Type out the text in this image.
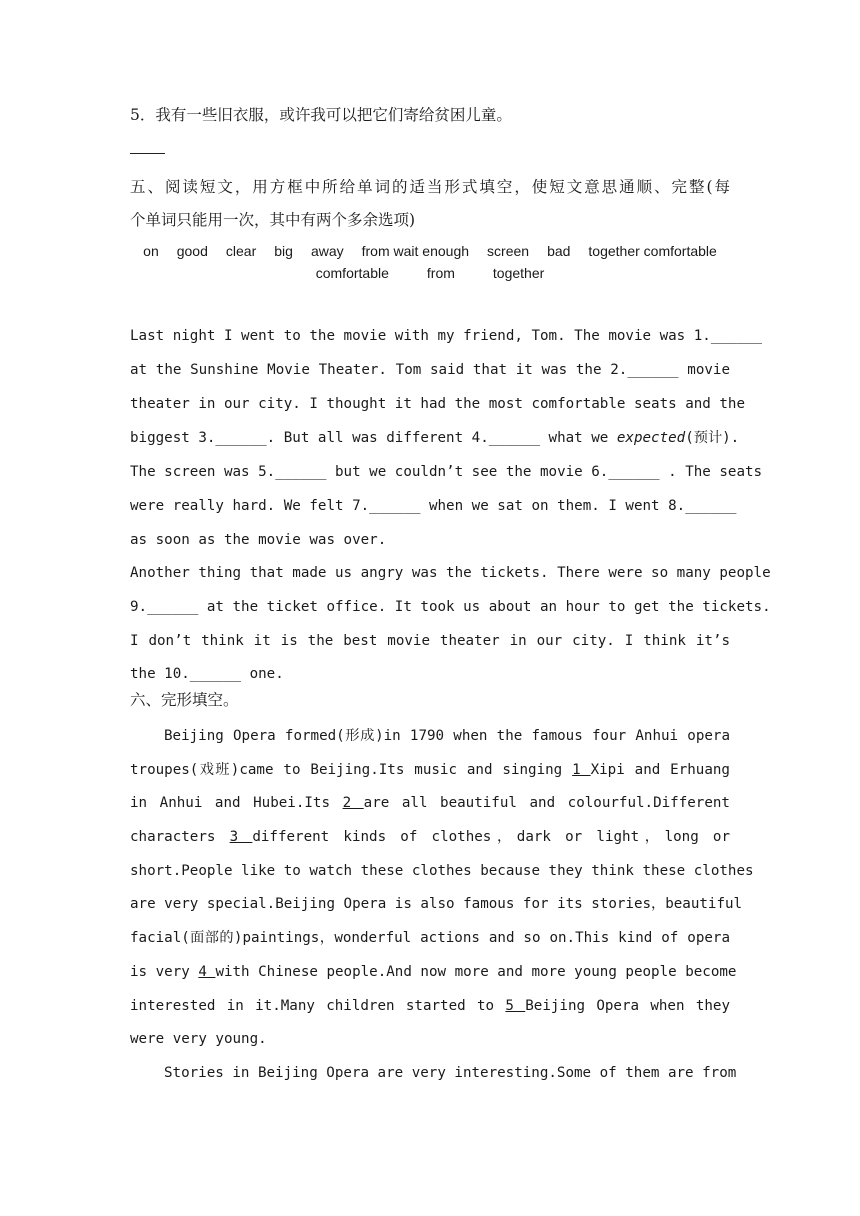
5．我有一些旧衣服，或许我可以把它们寄给贫困儿童。
五、阅读短文，用方框中所给单词的适当形式填空，使短文意思通顺、完整(每
个单词只能用一次，其中有两个多余选项)
on good clear big away from wait enough screen bad together comfortable
comfortable	from	together
Last night I went to the movie with my friend, Tom. The movie was 1.______
at the Sunshine Movie Theater. Tom said that it was the 2.______ movie
theater in our city. I thought it had the most comfortable seats and the
biggest 3.______. But all was different 4.______ what we expected(预计).
The screen was 5.______ but we couldn’t see the movie 6.______ . The seats
were really hard. We felt 7.______ when we sat on them. I went 8.______
as soon as the movie was over.
Another thing that made us angry was the tickets. There were so many people
9.______ at the ticket office. It took us about an hour to get the tickets.
I don’t think it is the best movie theater in our city. I think it’s
the 10.______ one.
六、完形填空。
Beijing Opera formed(形成)in 1790 when the famous four Anhui opera
troupes(戏班)came to Beijing.Its music and singing 1 Xipi and Erhuang
in Anhui and Hubei.Its 2 are all beautiful and colourful.Different
characters 3 different kinds of clothes，dark or light，long or
short.People like to watch these clothes because they think these clothes
are very special.Beijing Opera is also famous for its stories，beautiful
facial(面部的)paintings，wonderful actions and so on.This kind of opera
is very 4 with Chinese people.And now more and more young people become
interested in it.Many children started to 5 Beijing Opera when they
were very young.
Stories in Beijing Opera are very interesting.Some of them are from
